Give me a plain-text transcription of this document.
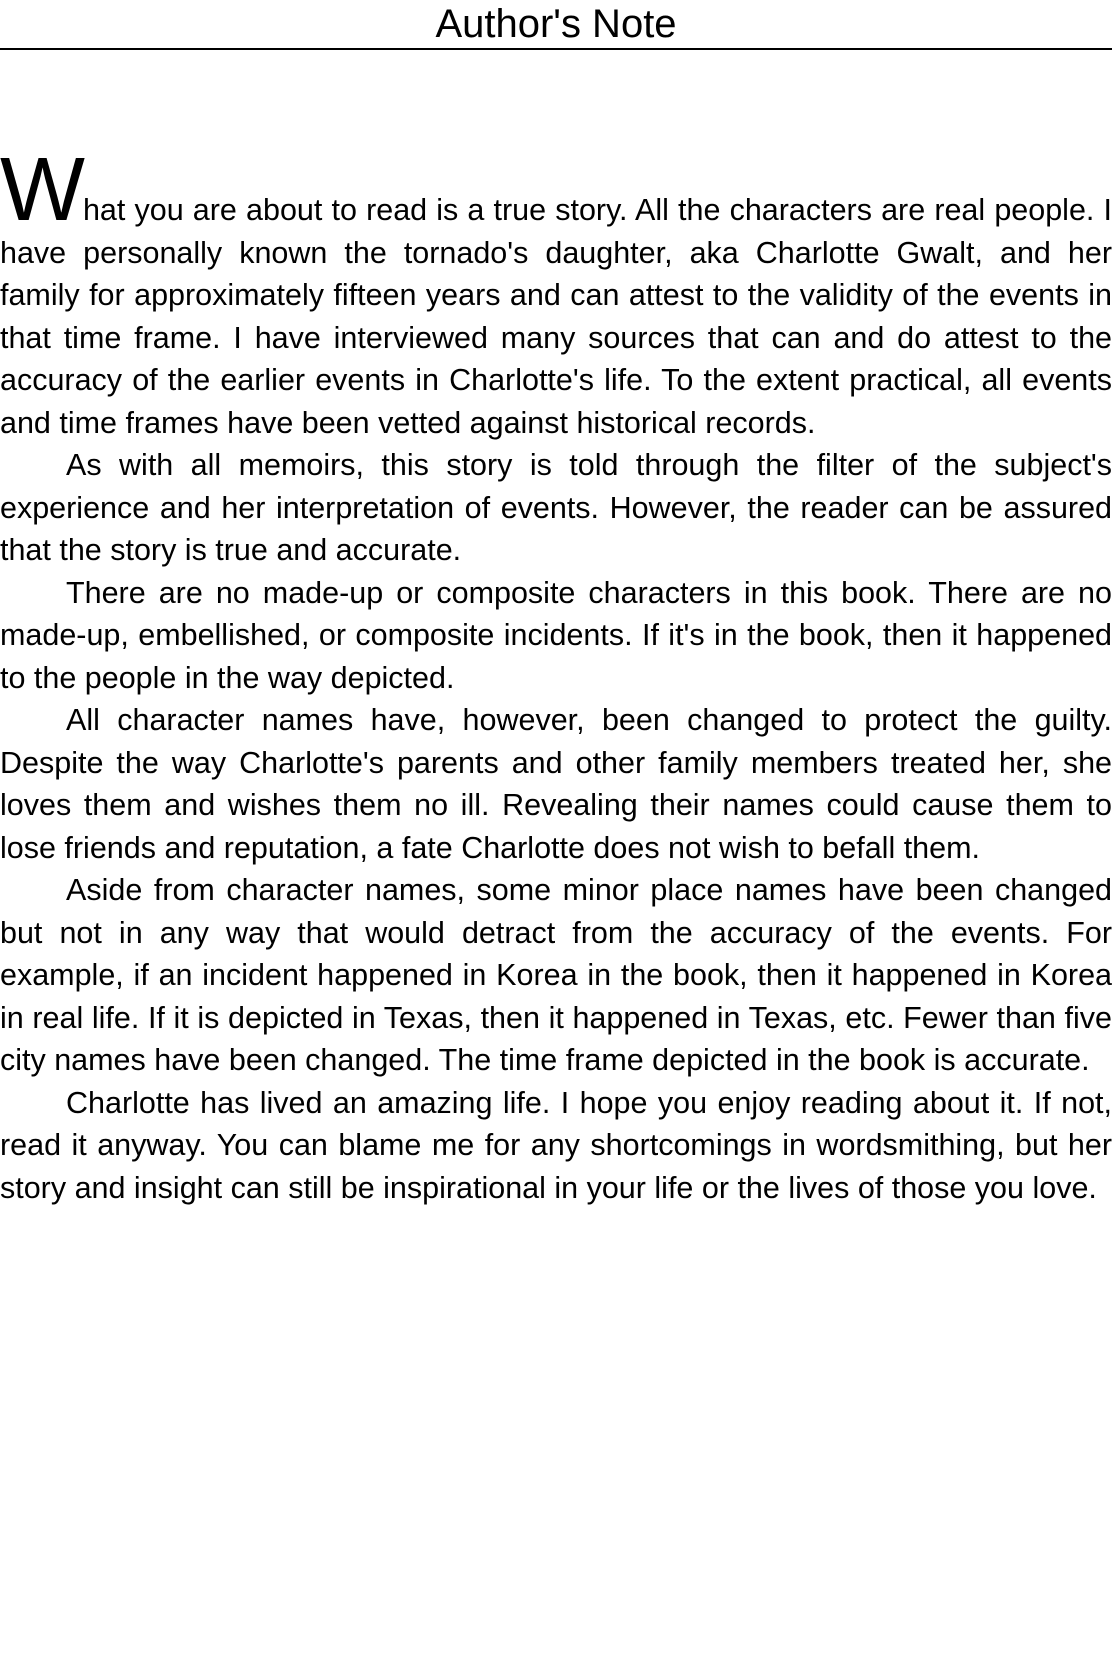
Author's Note

What you are about to read is a true story. All the characters are real people. I have personally known the tornado's daughter, aka Charlotte Gwalt, and her family for approximately fifteen years and can attest to the validity of the events in that time frame. I have interviewed many sources that can and do attest to the accuracy of the earlier events in Charlotte's life. To the extent practical, all events and time frames have been vetted against historical records.

As with all memoirs, this story is told through the filter of the subject's experience and her interpretation of events. However, the reader can be assured that the story is true and accurate.

There are no made-up or composite characters in this book. There are no made-up, embellished, or composite incidents. If it's in the book, then it happened to the people in the way depicted.

All character names have, however, been changed to protect the guilty. Despite the way Charlotte's parents and other family members treated her, she loves them and wishes them no ill. Revealing their names could cause them to lose friends and reputation, a fate Charlotte does not wish to befall them.

Aside from character names, some minor place names have been changed but not in any way that would detract from the accuracy of the events. For example, if an incident happened in Korea in the book, then it happened in Korea in real life. If it is depicted in Texas, then it happened in Texas, etc. Fewer than five city names have been changed. The time frame depicted in the book is accurate.

Charlotte has lived an amazing life. I hope you enjoy reading about it. If not, read it anyway. You can blame me for any shortcomings in wordsmithing, but her story and insight can still be inspirational in your life or the lives of those you love.
